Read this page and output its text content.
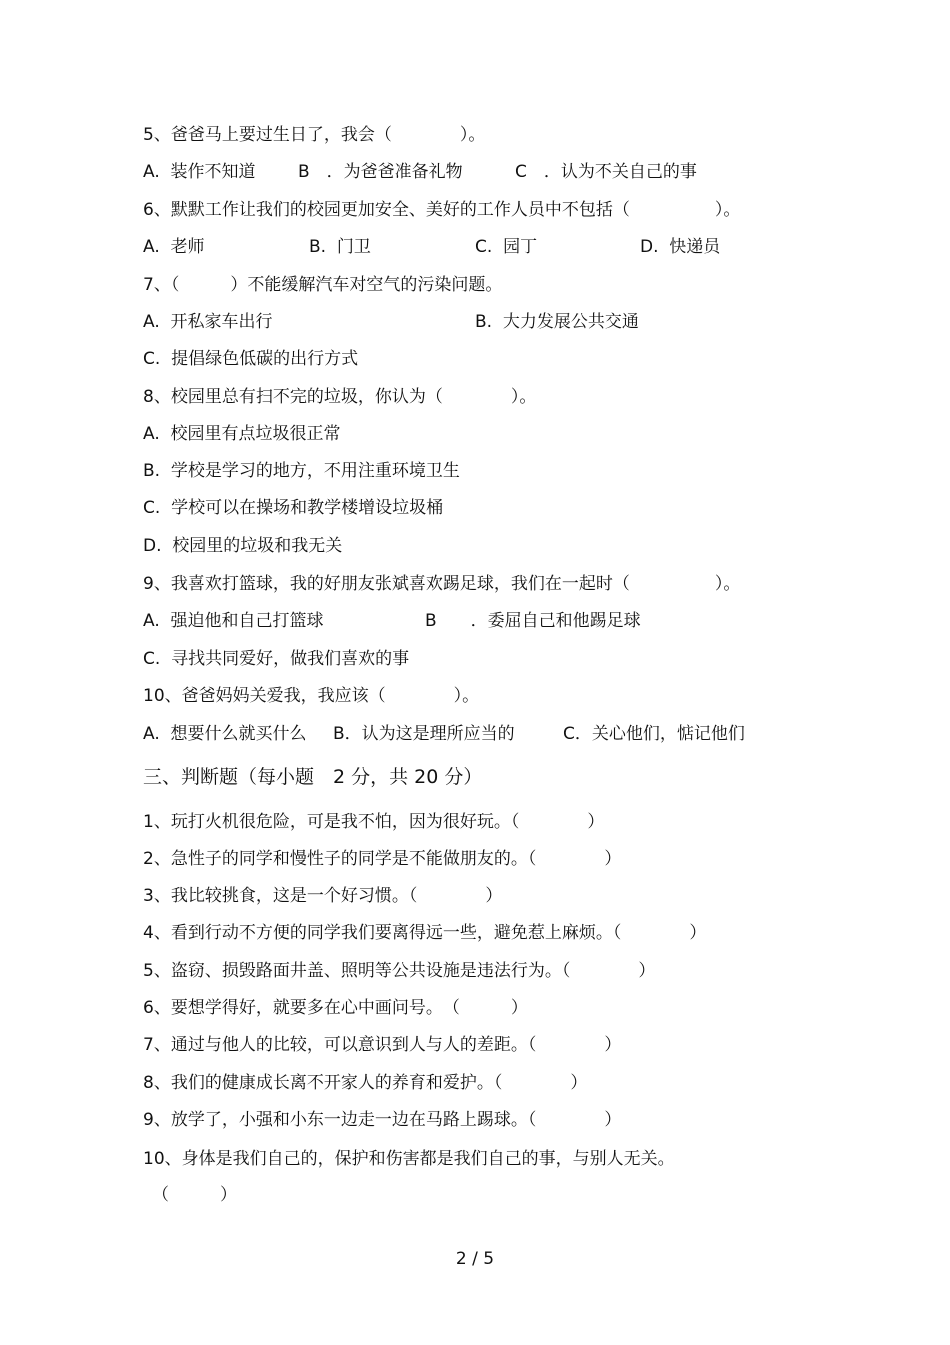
5、爸爸马上要过生日了，我会（　　　　）。

A.  装作不知道

B　．为爸爸准备礼物

	C　．认为不关自己的事

6、默默工作让我们的校园更加安全、美好的工作人员中不包括（　　　　　）。

A.  老师

	B.  门卫

	C.  园丁

	D.  快递员

7、（　　　）不能缓解汽车对空气的污染问题。

A.  开私家车出行

	B.  大力发展公共交通

C.  提倡绿色低碳的出行方式

8、校园里总有扫不完的垃圾，你认为（　　　　）。

A.  校园里有点垃圾很正常

B.  学校是学习的地方，不用注重环境卫生

C.  学校可以在操场和教学楼增设垃圾桶

D.  校园里的垃圾和我无关

9、我喜欢打篮球，我的好朋友张斌喜欢踢足球，我们在一起时（　　　　　）。

A.  强迫他和自己打篮球

	B　　．委屈自己和他踢足球

C.  寻找共同爱好，做我们喜欢的事

10、爸爸妈妈关爱我，我应该（　　　　）。

A.  想要什么就买什么

B．认为这是理所应当的

	C．关心他们，惦记他们

三、判断题（每小题　2 分，共 20 分）

1、玩打火机很危险，可是我不怕，因为很好玩。（　　　　）

2、急性子的同学和慢性子的同学是不能做朋友的。（　　　　）

3、我比较挑食，这是一个好习惯。（　　　　）

4、看到行动不方便的同学我们要离得远一些，避免惹上麻烦。（　　　　）

5、盗窃、损毁路面井盖、照明等公共设施是违法行为。（　　　　）

6、要想学得好，就要多在心中画问号。　（　　　）

7、通过与他人的比较，可以意识到人与人的差距。（　　　　）

8、我们的健康成长离不开家人的养育和爱护。（　　　　）

9、放学了，小强和小东一边走一边在马路上踢球。（　　　　）

10、身体是我们自己的，保护和伤害都是我们自己的事，与别人无关。

（　　　）

2 / 5
